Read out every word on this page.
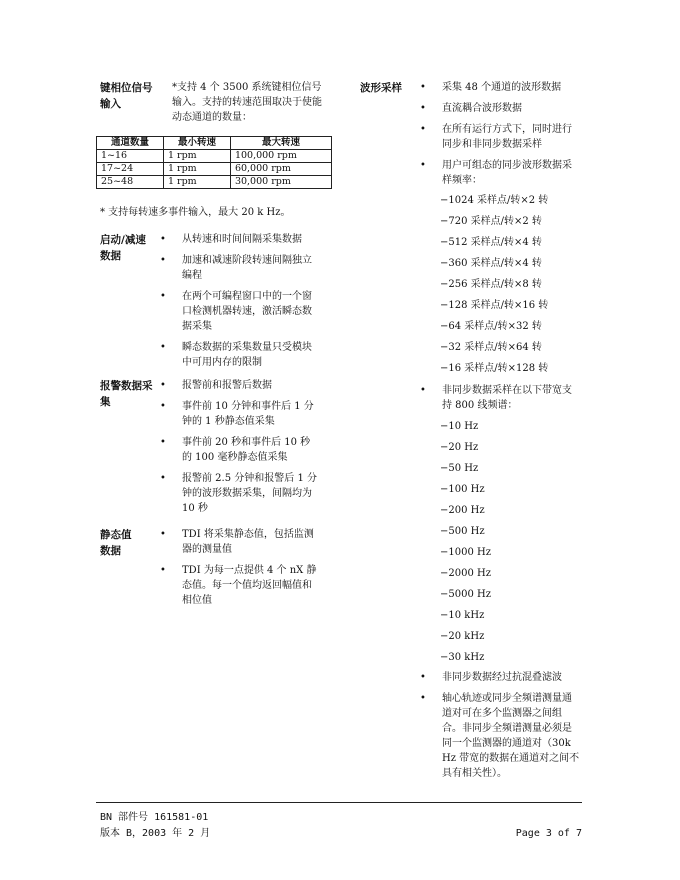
键相位信号输入
*支持 4 个 3500 系统键相位信号输入。支持的转速范围取决于使能动态通道的数量：
通道数量	最小转速	最大转速
1~16	1 rpm	100,000 rpm
17~24	1 rpm	60,000 rpm
25~48	1 rpm	30,000 rpm
* 支持每转速多事件输入，最大 20 k Hz。
启动/减速数据
• 从转速和时间间隔采集数据
• 加速和减速阶段转速间隔独立编程
• 在两个可编程窗口中的一个窗口检测机器转速，激活瞬态数据采集
• 瞬态数据的采集数量只受模块中可用内存的限制
报警数据采集
• 报警前和报警后数据
• 事件前 10 分钟和事件后 1 分钟的 1 秒静态值采集
• 事件前 20 秒和事件后 10 秒的 100 毫秒静态值采集
• 报警前 2.5 分钟和报警后 1 分钟的波形数据采集，间隔均为 10 秒
静态值数据
• TDI 将采集静态值，包括监测器的测量值
• TDI 为每一点提供 4 个 nX 静态值。每一个值均返回幅值和相位值
波形采样	• 采集 48 个通道的波形数据
• 直流耦合波形数据
• 在所有运行方式下，同时进行同步和非同步数据采样
• 用户可组态的同步波形数据采样频率：
−1024 采样点/转×2 转
−720 采样点/转×2 转
−512 采样点/转×4 转
−360 采样点/转×4 转
−256 采样点/转×8 转
−128 采样点/转×16 转
−64 采样点/转×32 转
−32 采样点/转×64 转
−16 采样点/转×128 转
• 非同步数据采样在以下带宽支持 800 线频谱：
−10 Hz
−20 Hz
−50 Hz
−100 Hz
−200 Hz
−500 Hz
−1000 Hz
−2000 Hz
−5000 Hz
−10 kHz
−20 kHz
−30 kHz
• 非同步数据经过抗混叠滤波
• 轴心轨迹或同步全频谱测量通道对可在多个监测器之间组合。非同步全频谱测量必须是同一个监测器的通道对（30k Hz 带宽的数据在通道对之间不具有相关性）。
BN 部件号 161581-01
版本 B，2003 年 2 月	Page 3 of 7
